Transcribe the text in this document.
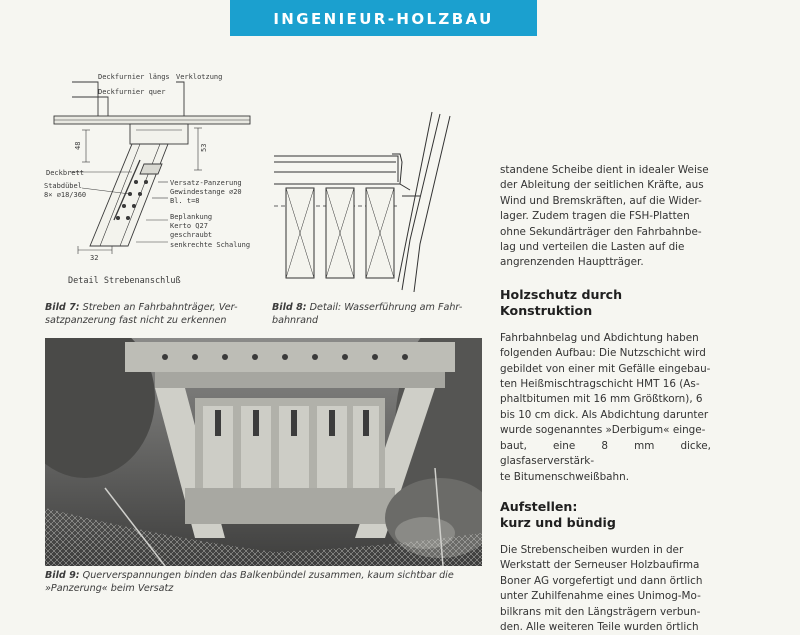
INGENIEUR-HOLZBAU
Deckfurnier längs Verklotzung
Deckfurnier quer
Deckbrett
Stabdübel
8× ⌀18/360
Versatz-Panzerung
Gewindestange ⌀20
Bl. t=8
Beplankung
Kerto Q27
geschraubt
senkrechte Schalung
48	53
32
Detail Strebenanschluß
Bild 7: Streben an Fahrbahnträger, Ver-
satzpanzerung fast nicht zu erkennen
Bild 8: Detail: Wasserführung am Fahr-
bahnrand
Bild 9: Querverspannungen binden das Balkenbündel zusammen, kaum sichtbar die
»Panzerung« beim Versatz

standene Scheibe dient in idealer Weise

der Ableitung der seitlichen Kräfte, aus

Wind und Bremskräften, auf die Wider-

lager. Zudem tragen die FSH-Platten

ohne Sekundärträger den Fahrbahnbe-

lag und verteilen die Lasten auf die

angrenzenden Hauptträger.

Holzschutz durch Konstruktion

Fahrbahnbelag und Abdichtung haben

folgenden Aufbau: Die Nutzschicht wird

gebildet von einer mit Gefälle eingebau-

ten Heißmischtragschicht HMT 16 (As-

phaltbitumen mit 16 mm Größtkorn), 6

bis 10 cm dick. Als Abdichtung darunter

wurde sogenanntes »Derbigum« einge-

baut, eine 8 mm dicke, glasfaserverstärk-

te Bitumenschweißbahn.

Aufstellen:
kurz und bündig

Die Strebenscheiben wurden in der

Werkstatt der Serneuser Holzbaufirma

Boner AG vorgefertigt und dann örtlich

unter Zuhilfenahme eines Unimog-Mo-

bilkrans mit den Längsträgern verbun-

den. Alle weiteren Teile wurden örtlich
